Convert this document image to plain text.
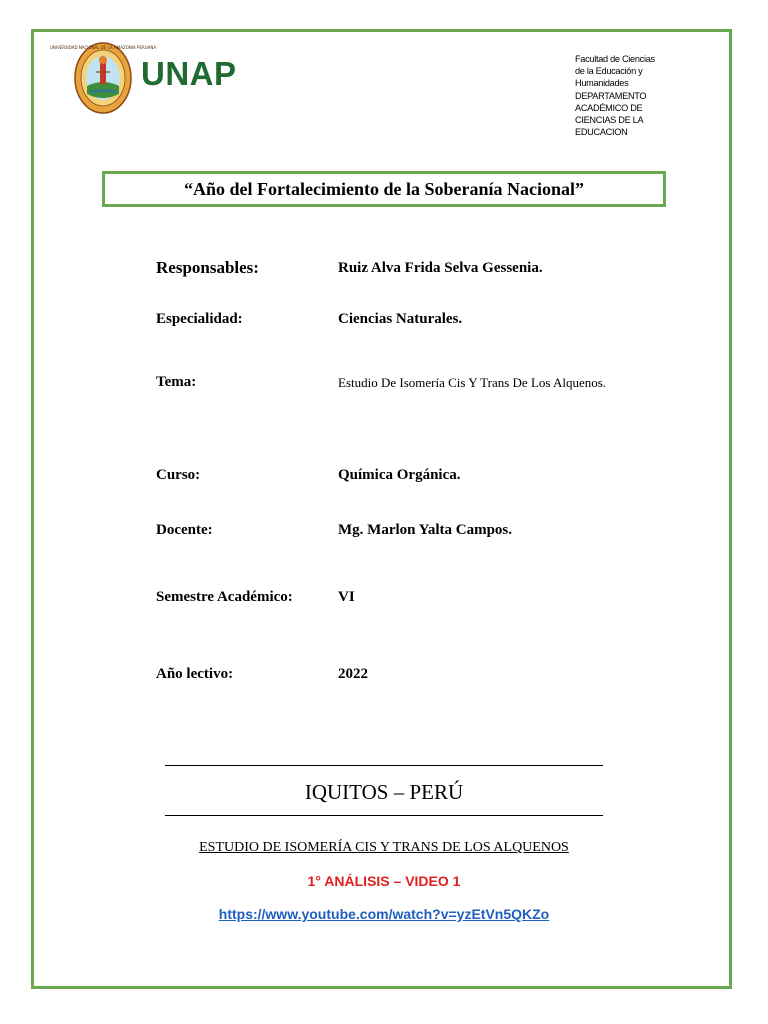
UNIVERSIDAD NACIONAL DE LA AMAZONIA PERUANA
UNAP	Facultad de Ciencias
de la Educación y
Humanidades
DEPARTAMENTO
ACADÉMICO DE
CIENCIAS DE LA
EDUCACION
“Año del Fortalecimiento de la Soberanía Nacional”
Responsables:	Ruiz Alva Frida Selva Gessenia.
Especialidad:	Ciencias Naturales.
Tema:	Estudio De Isomería Cis Y Trans De Los Alquenos.
Curso:	Química Orgánica.
Docente:	Mg. Marlon Yalta Campos.
Semestre Académico:	VI
Año lectivo:	2022
IQUITOS – PERÚ
ESTUDIO DE ISOMERÍA CIS Y TRANS DE LOS ALQUENOS
1° ANÁLISIS – VIDEO 1
https://www.youtube.com/watch?v=yzEtVn5QKZo
